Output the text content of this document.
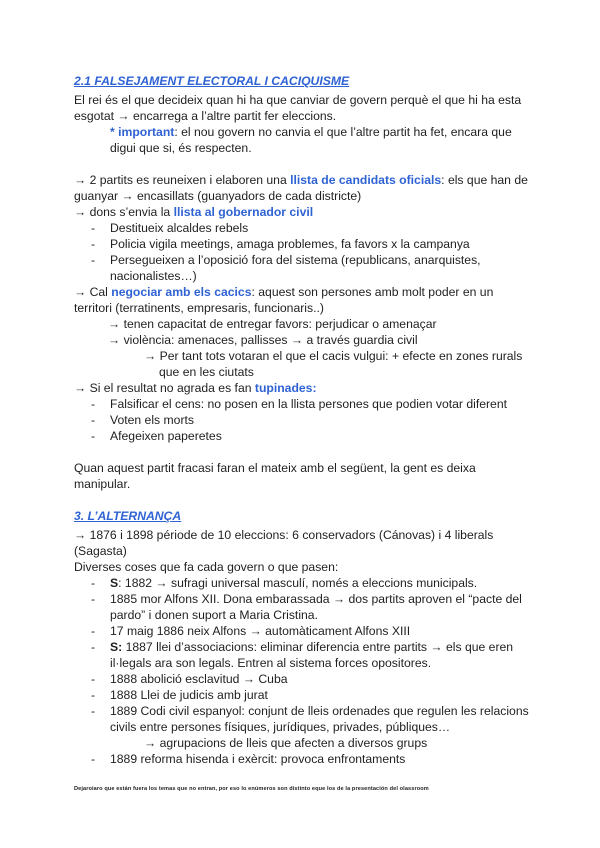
2.1 FALSEJAMENT ELECTORAL I CACIQUISME
El rei és el que decideix quan hi ha que canviar de govern perquè el que hi ha esta
esgotat → encarrega a l’altre partit fer eleccions.
* important: el nou govern no canvia el que l’altre partit ha fet, encara que
digui que si, és respecten.
→ 2 partits es reuneixen i elaboren una llista de candidats oficials: els que han de
guanyar → encasillats (guanyadors de cada districte)
→ dons s’envia la llista al gobernador civil
- Destitueix alcaldes rebels
- Policia vigila meetings, amaga problemes, fa favors x la campanya
- Persegueixen a l’oposició fora del sistema (republicans, anarquistes,
nacionalistes…)
→ Cal negociar amb els cacics: aquest son persones amb molt poder en un
territori (terratinents, empresaris, funcionaris..)
→ tenen capacitat de entregar favors: perjudicar o amenaçar
→ violència: amenaces, pallisses → a través guardia civil
→ Per tant tots votaran el que el cacis vulgui: + efecte en zones rurals
que en les ciutats
→ Si el resultat no agrada es fan tupinades:
- Falsificar el cens: no posen en la llista persones que podien votar diferent
- Voten els morts
- Afegeixen paperetes
Quan aquest partit fracasi faran el mateix amb el següent, la gent es deixa
manipular.
3. L’ALTERNANÇA
→ 1876 i 1898 période de 10 eleccions: 6 conservadors (Cánovas) i 4 liberals
(Sagasta)
Diverses coses que fa cada govern o que pasen:
- S: 1882 → sufragi universal masculí, només a eleccions municipals.
- 1885 mor Alfons XII. Dona embarassada → dos partits aproven el “pacte del
pardo” i donen suport a Maria Cristina.
- 17 maig 1886 neix Alfons → automàticament Alfons XIII
- S: 1887 llei d’associacions: eliminar diferencia entre partits → els que eren
il·legals ara son legals. Entren al sistema forces opositores.
- 1888 abolició esclavitud → Cuba
- 1888 Llei de judicis amb jurat
- 1889 Codi civil espanyol: conjunt de lleis ordenades que regulen les relacions
civils entre persones físiques, jurídiques, privades, públiques…
→ agrupacions de lleis que afecten a diversos grups
- 1889 reforma hisenda i exèrcit: provoca enfrontaments
Dejaroiaro que están fuera los temas que no entran, por eso lo enúmeros son distinto eque los de la presentación del olassroom
